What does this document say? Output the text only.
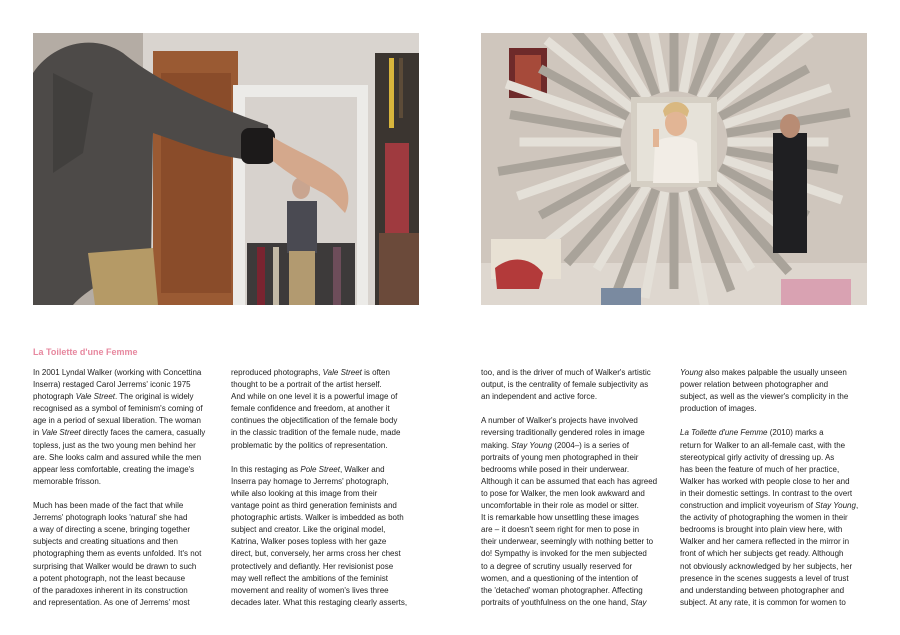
La Toilette d'une Femme
In 2001 Lyndal Walker (working with Concettina
Inserra) restaged Carol Jerrems' iconic 1975
photograph Vale Street. The original is widely
recognised as a symbol of feminism's coming of
age in a period of sexual liberation. The woman
in Vale Street directly faces the camera, casually
topless, just as the two young men behind her
are. She looks calm and assured while the men
appear less comfortable, creating the image's
memorable frisson.
Much has been made of the fact that while
Jerrems' photograph looks 'natural' she had
a way of directing a scene, bringing together
subjects and creating situations and then
photographing them as events unfolded. It's not
surprising that Walker would be drawn to such
a potent photograph, not the least because
of the paradoxes inherent in its construction
and representation. As one of Jerrems' most
reproduced photographs, Vale Street is often
thought to be a portrait of the artist herself.
And while on one level it is a powerful image of
female confidence and freedom, at another it
continues the objectification of the female body
in the classic tradition of the female nude, made
problematic by the politics of representation.
In this restaging as Pole Street, Walker and
Inserra pay homage to Jerrems' photograph,
while also looking at this image from their
vantage point as third generation feminists and
photographic artists. Walker is imbedded as both
subject and creator. Like the original model,
Katrina, Walker poses topless with her gaze
direct, but, conversely, her arms cross her chest
protectively and defiantly. Her revisionist pose
may well reflect the ambitions of the feminist
movement and reality of women's lives three
decades later. What this restaging clearly asserts,
too, and is the driver of much of Walker's artistic
output, is the centrality of female subjectivity as
an independent and active force.
A number of Walker's projects have involved
reversing traditionally gendered roles in image
making. Stay Young (2004–) is a series of
portraits of young men photographed in their
bedrooms while posed in their underwear.
Although it can be assumed that each has agreed
to pose for Walker, the men look awkward and
uncomfortable in their role as model or sitter.
It is remarkable how unsettling these images
are – it doesn't seem right for men to pose in
their underwear, seemingly with nothing better to
do! Sympathy is invoked for the men subjected
to a degree of scrutiny usually reserved for
women, and a questioning of the intention of
the 'detached' woman photographer. Affecting
portraits of youthfulness on the one hand, Stay
Young also makes palpable the usually unseen
power relation between photographer and
subject, as well as the viewer's complicity in the
production of images.
La Toilette d'une Femme (2010) marks a
return for Walker to an all-female cast, with the
stereotypical girly activity of dressing up. As
has been the feature of much of her practice,
Walker has worked with people close to her and
in their domestic settings. In contrast to the overt
construction and implicit voyeurism of Stay Young,
the activity of photographing the women in their
bedrooms is brought into plain view here, with
Walker and her camera reflected in the mirror in
front of which her subjects get ready. Although
not obviously acknowledged by her subjects, her
presence in the scenes suggests a level of trust
and understanding between photographer and
subject. At any rate, it is common for women to
